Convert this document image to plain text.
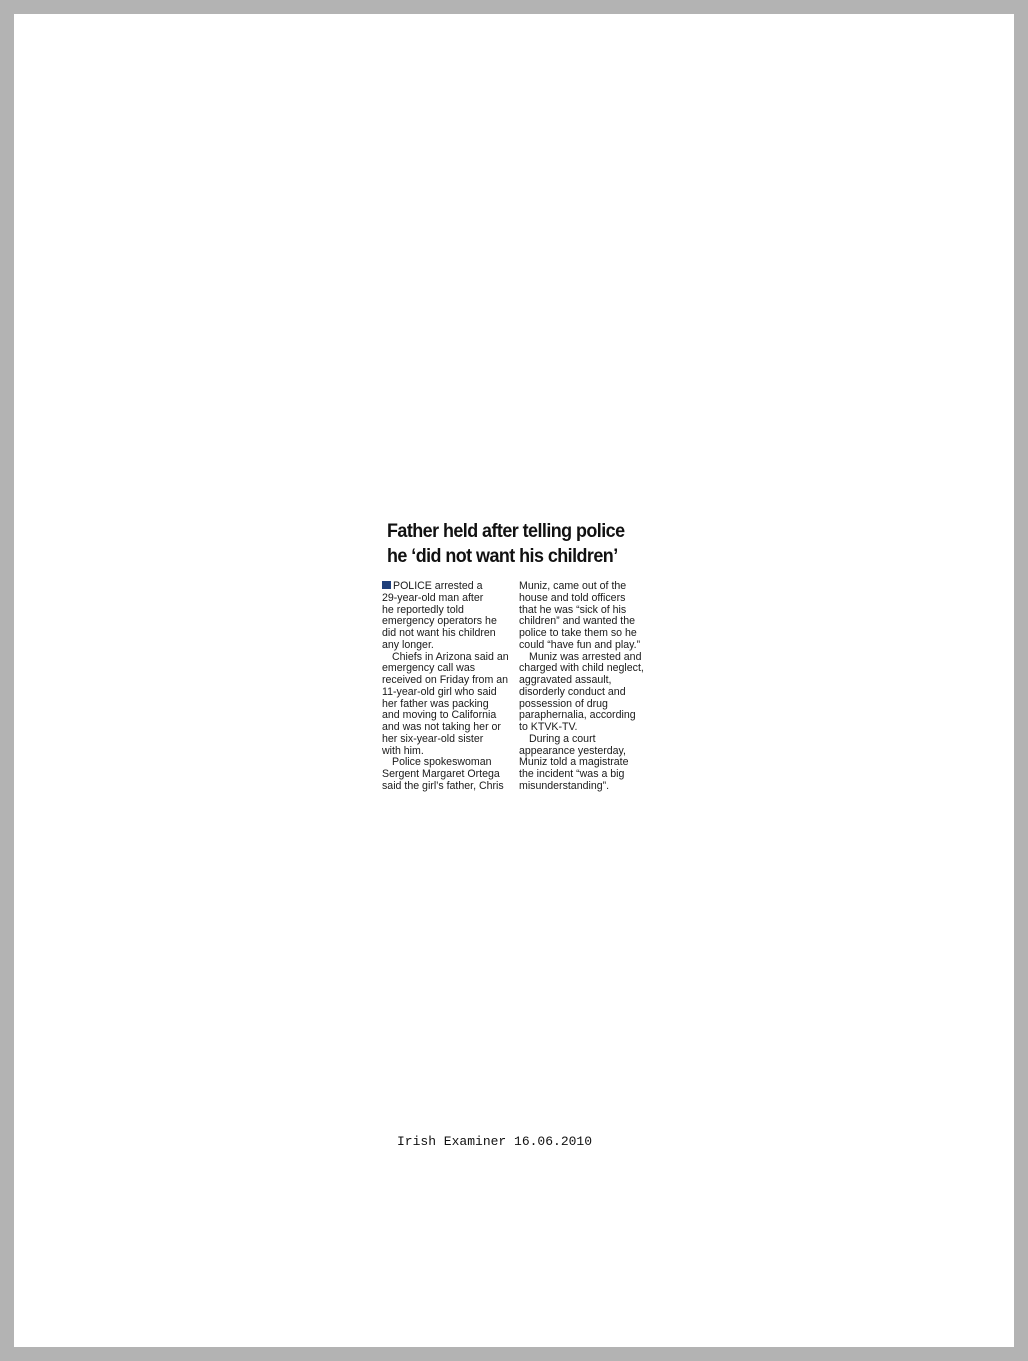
Father held after telling police
he ‘did not want his children’
POLICE arrested a
29-year-old man after
he reportedly told
emergency operators he
did not want his children
any longer.
Chiefs in Arizona said an
emergency call was
received on Friday from an
11-year-old girl who said
her father was packing
and moving to California
and was not taking her or
her six-year-old sister
with him.
Police spokeswoman
Sergent Margaret Ortega
said the girl’s father, Chris
Muniz, came out of the
house and told officers
that he was “sick of his
children” and wanted the
police to take them so he
could “have fun and play.”
Muniz was arrested and
charged with child neglect,
aggravated assault,
disorderly conduct and
possession of drug
paraphernalia, according
to KTVK-TV.
During a court
appearance yesterday,
Muniz told a magistrate
the incident “was a big
misunderstanding”.
Irish Examiner 16.06.2010
